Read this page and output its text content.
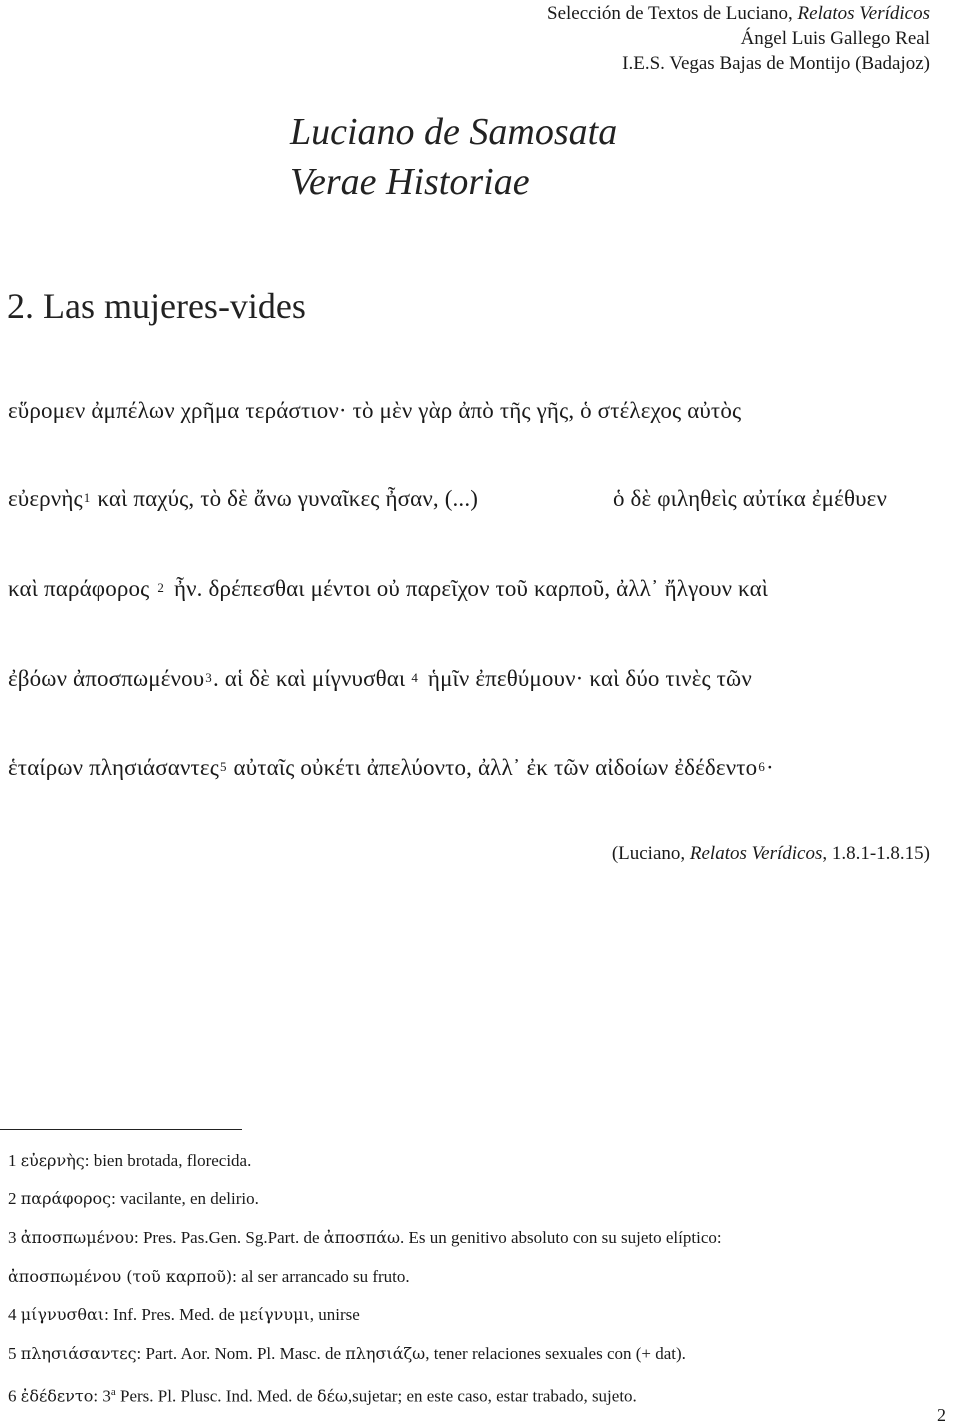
Selección de Textos de Luciano, Relatos Verídicos
Ángel Luis Gallego Real
I.E.S. Vegas Bajas de Montijo (Badajoz)
Luciano de Samosata
Verae Historiae
2. Las mujeres-vides
εὕρομεν ἀμπέλων χρῆμα τεράστιον· τὸ μὲν γὰρ ἀπὸ τῆς γῆς, ὁ στέλεχος αὐτὸς
εὐερνὴς$^1$ καὶ παχύς, τὸ δὲ ἄνω γυναῖκες ἦσαν, (...)	ὁ δὲ φιληθεὶς αὐτίκα ἐμέθυεν
καὶ παράφορος $^2$ ἦν. δρέπεσθαι μέντοι οὐ παρεῖχον τοῦ καρποῦ, ἀλλ᾽ ἤλγουν καὶ
ἐβόων ἀποσπωμένου$^3$. αἱ δὲ καὶ μίγνυσθαι $^4$ ἡμῖν ἐπεθύμουν· καὶ δύο τινὲς τῶν
ἑταίρων πλησιάσαντες$^5$ αὐταῖς οὐκέτι ἀπελύοντο, ἀλλ᾽ ἐκ τῶν αἰδοίων ἐδέδεντο$^6$·
(Luciano, Relatos Verídicos, 1.8.1-1.8.15)
1 εὐερνὴς: bien brotada, florecida.
2 παράφορος: vacilante, en delirio.
3 ἀποσπωμένου: Pres. Pas.Gen. Sg.Part. de ἀποσπάω. Es un genitivo absoluto con su sujeto elíptico:
ἀποσπωμένου (τοῦ καρποῦ): al ser arrancado su fruto.
4 μίγνυσθαι: Inf. Pres. Med. de μείγνυμι, unirse
5 πλησιάσαντες: Part. Aor. Nom. Pl. Masc. de πλησιάζω, tener relaciones sexuales con (+ dat).
6 ἐδέδεντο: 3$^a$ Pers. Pl. Plusc. Ind. Med. de δέω,sujetar; en este caso, estar trabado, sujeto.
2
